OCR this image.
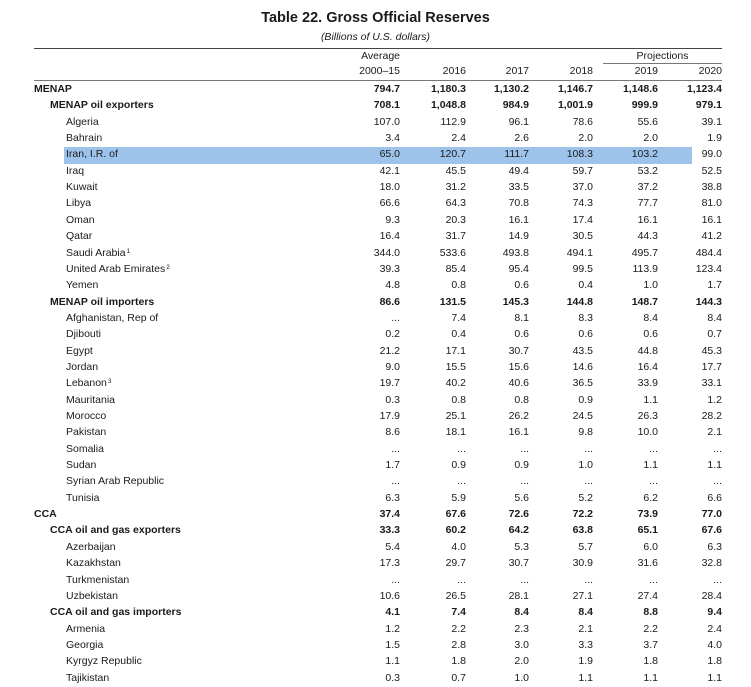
Table 22. Gross Official Reserves
(Billions of U.S. dollars)
Average	Projections
2000–15	2016	2017	2018	2019	2020
MENAP	794.7	1,180.3	1,130.2	1,146.7	1,148.6	1,123.4
MENAP oil exporters	708.1	1,048.8	984.9	1,001.9	999.9	979.1
Algeria	107.0	112.9	96.1	78.6	55.6	39.1
Bahrain	3.4	2.4	2.6	2.0	2.0	1.9
Iran, I.R. of	65.0	120.7	111.7	108.3	103.2	99.0
Iraq	42.1	45.5	49.4	59.7	53.2	52.5
Kuwait	18.0	31.2	33.5	37.0	37.2	38.8
Libya	66.6	64.3	70.8	74.3	77.7	81.0
Oman	9.3	20.3	16.1	17.4	16.1	16.1
Qatar	16.4	31.7	14.9	30.5	44.3	41.2
Saudi Arabia$^1$	344.0	533.6	493.8	494.1	495.7	484.4
United Arab Emirates$^2$	39.3	85.4	95.4	99.5	113.9	123.4
Yemen	4.8	0.8	0.6	0.4	1.0	1.7
MENAP oil importers	86.6	131.5	145.3	144.8	148.7	144.3
Afghanistan, Rep of	...	7.4	8.1	8.3	8.4	8.4
Djibouti	0.2	0.4	0.6	0.6	0.6	0.7
Egypt	21.2	17.1	30.7	43.5	44.8	45.3
Jordan	9.0	15.5	15.6	14.6	16.4	17.7
Lebanon$^3$	19.7	40.2	40.6	36.5	33.9	33.1
Mauritania	0.3	0.8	0.8	0.9	1.1	1.2
Morocco	17.9	25.1	26.2	24.5	26.3	28.2
Pakistan	8.6	18.1	16.1	9.8	10.0	2.1
Somalia	...	...	...	...	...	...
Sudan	1.7	0.9	0.9	1.0	1.1	1.1
Syrian Arab Republic	...	...	...	...	...	...
Tunisia	6.3	5.9	5.6	5.2	6.2	6.6
CCA	37.4	67.6	72.6	72.2	73.9	77.0
CCA oil and gas exporters	33.3	60.2	64.2	63.8	65.1	67.6
Azerbaijan	5.4	4.0	5.3	5.7	6.0	6.3
Kazakhstan	17.3	29.7	30.7	30.9	31.6	32.8
Turkmenistan	...	...	...	...	...	...
Uzbekistan	10.6	26.5	28.1	27.1	27.4	28.4
CCA oil and gas importers	4.1	7.4	8.4	8.4	8.8	9.4
Armenia	1.2	2.2	2.3	2.1	2.2	2.4
Georgia	1.5	2.8	3.0	3.3	3.7	4.0
Kyrgyz Republic	1.1	1.8	2.0	1.9	1.8	1.8
Tajikistan	0.3	0.7	1.0	1.1	1.1	1.1
